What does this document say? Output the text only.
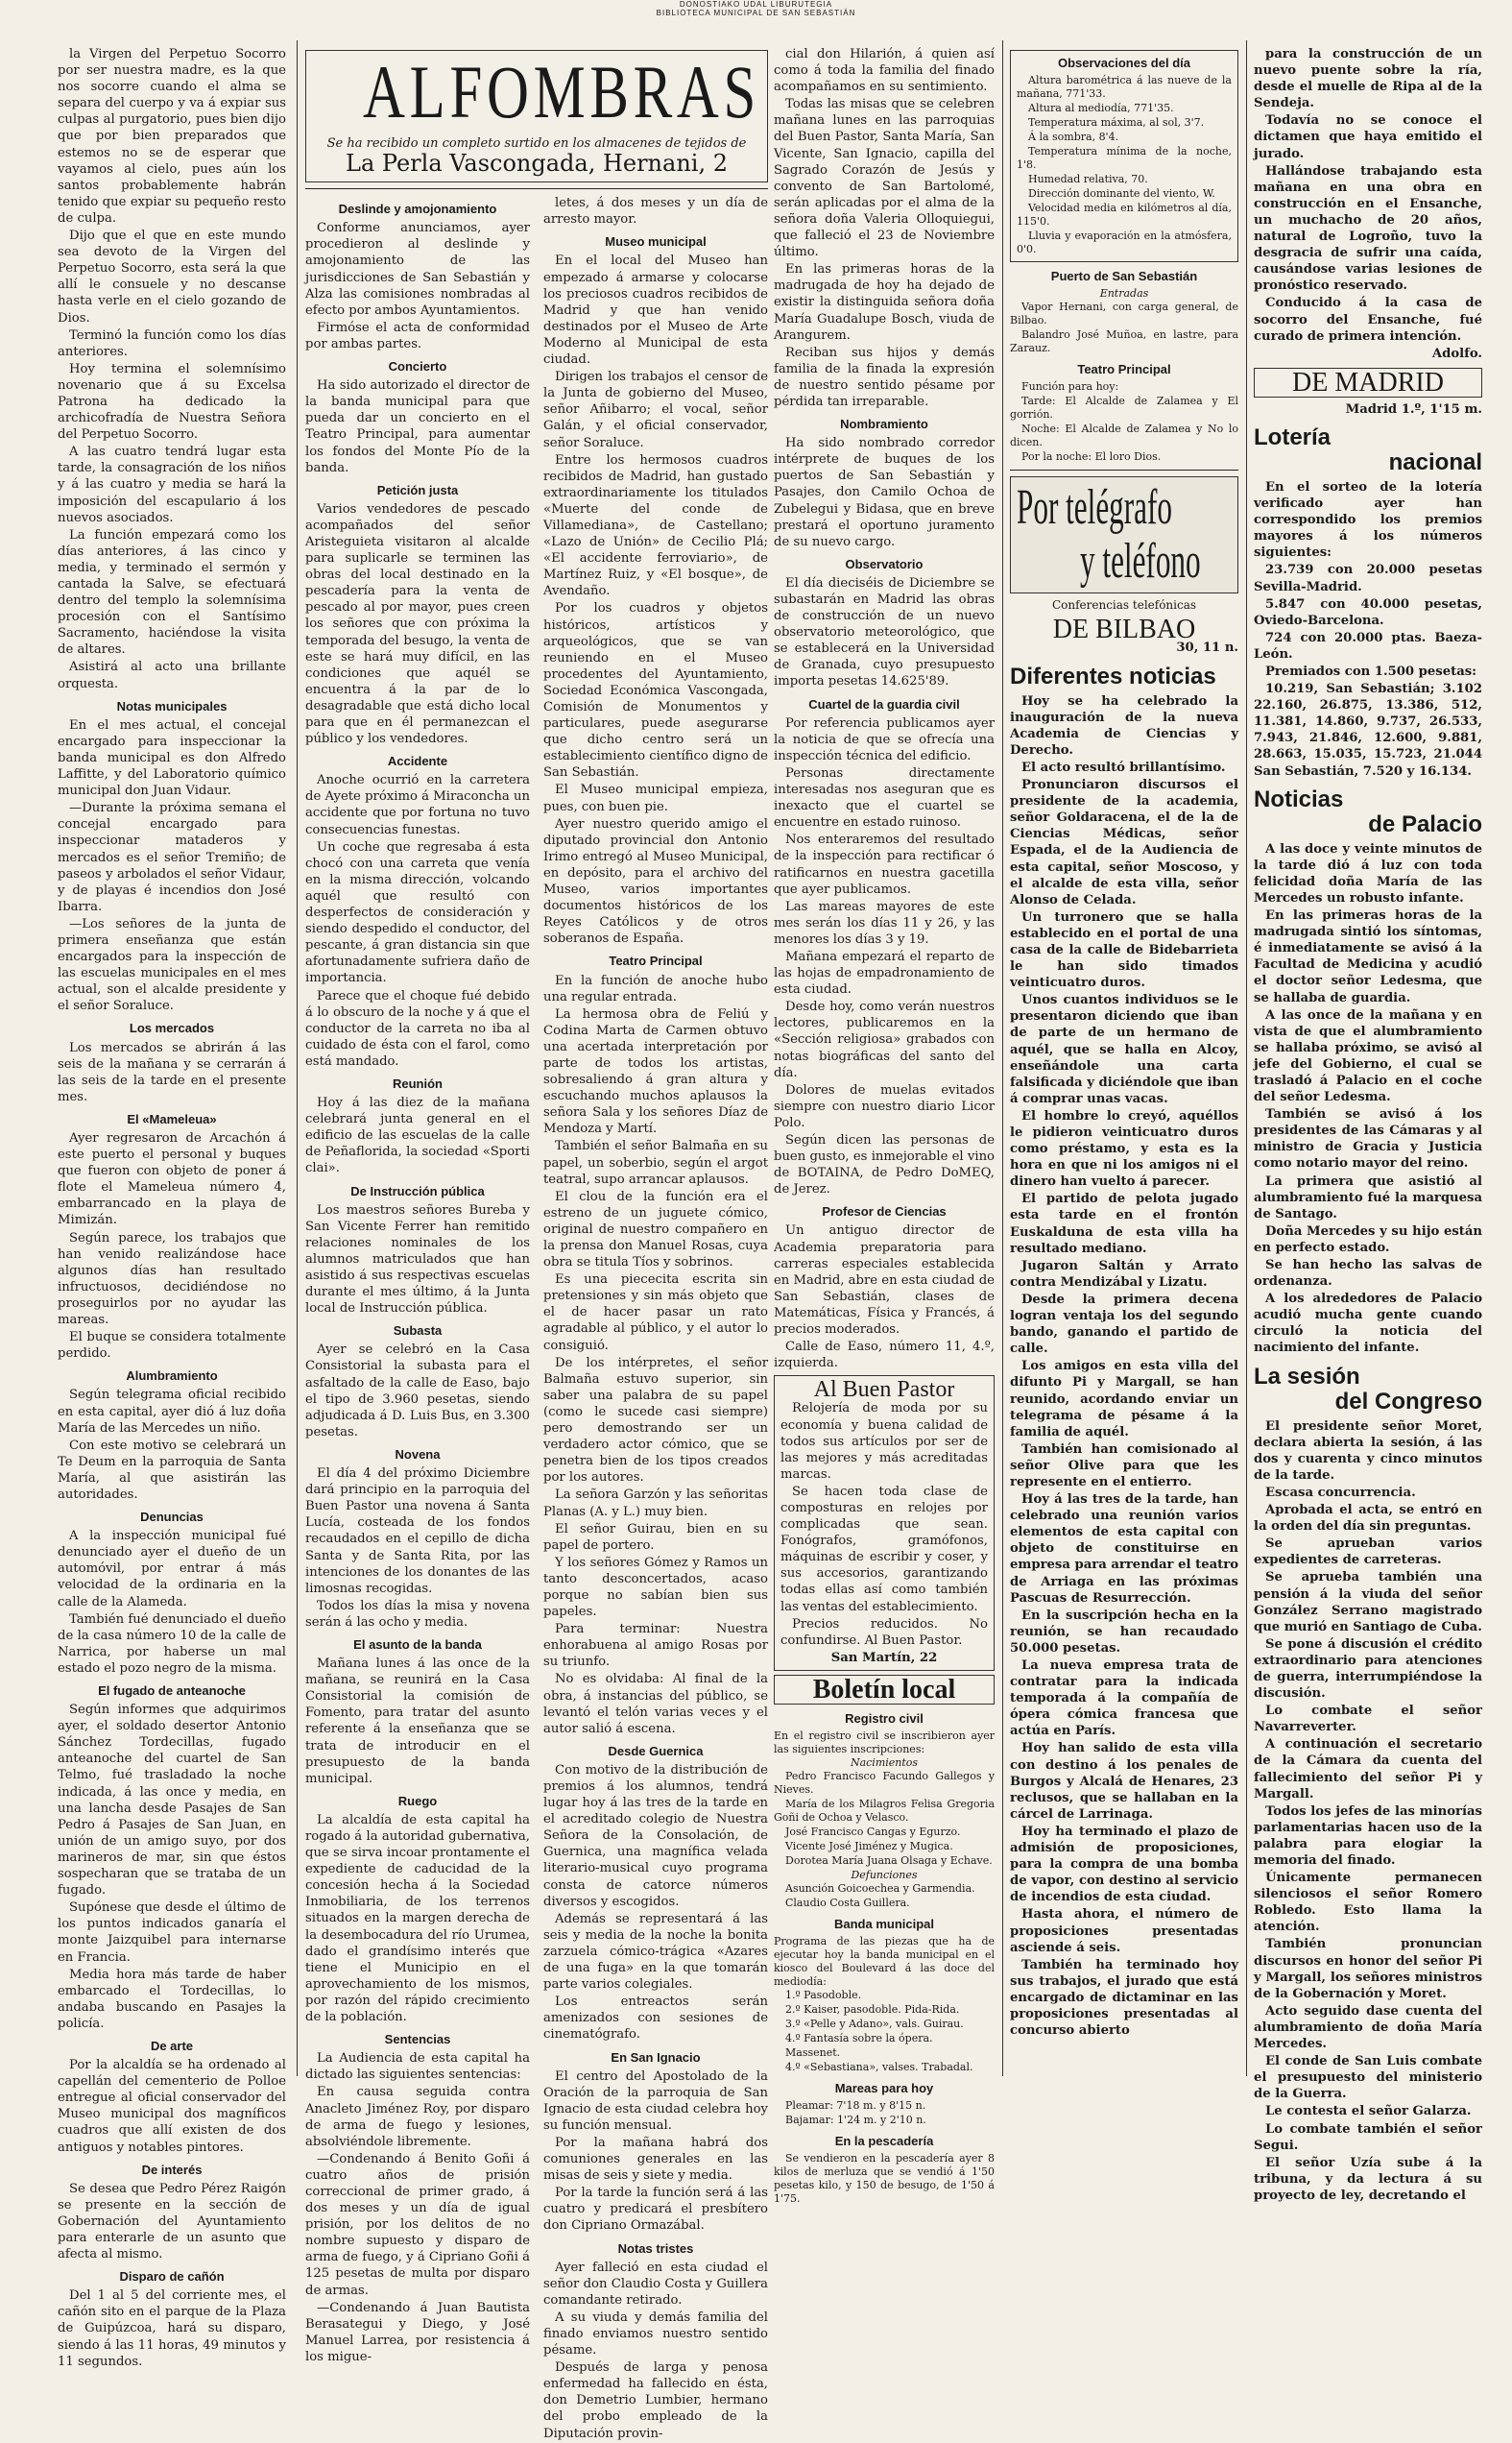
DONOSTIAKO UDAL LIBURUTEGIA
BIBLIOTECA MUNICIPAL DE SAN SEBASTIÁN

la Virgen del Perpetuo Socorro por ser nuestra madre, es la que nos socorre cuando el alma se separa del cuerpo y va á expiar sus culpas al purgatorio, pues bien dijo que por bien preparados que estemos no se de esperar que vayamos al cielo, pues aún los santos probablemente habrán tenido que expiar su pequeño resto de culpa.

Dijo que el que en este mundo sea devoto de la Virgen del Perpetuo Socorro, esta será la que allí le consuele y no descanse hasta verle en el cielo gozando de Dios.

Terminó la función como los días anteriores.

Hoy termina el solemnísimo novenario que á su Excelsa Patrona ha dedicado la archicofradía de Nuestra Señora del Perpetuo Socorro.

A las cuatro tendrá lugar esta tarde, la consagración de los niños y á las cuatro y media se hará la imposición del escapulario á los nuevos asociados.

La función empezará como los días anteriores, á las cinco y media, y terminado el sermón y cantada la Salve, se efectuará dentro del templo la solemnísima procesión con el Santísimo Sacramento, haciéndose la visita de altares.

Asistirá al acto una brillante orquesta.

Notas municipales

En el mes actual, el concejal encargado para inspeccionar la banda municipal es don Alfredo Laffitte, y del Laboratorio químico municipal don Juan Vidaur.

—Durante la próxima semana el concejal encargado para inspeccionar mataderos y mercados es el señor Tremiño; de paseos y arbolados el señor Vidaur, y de playas é incendios don José Ibarra.

—Los señores de la junta de primera enseñanza que están encargados para la inspección de las escuelas municipales en el mes actual, son el alcalde presidente y el señor Soraluce.

Los mercados

Los mercados se abrirán á las seis de la mañana y se cerrarán á las seis de la tarde en el presente mes.

El «Mameleua»

Ayer regresaron de Arcachón á este puerto el personal y buques que fueron con objeto de poner á flote el Mameleua número 4, embarrancado en la playa de Mimizán.

Según parece, los trabajos que han venido realizándose hace algunos días han resultado infructuosos, decidiéndose no proseguirlos por no ayudar las mareas.

El buque se considera totalmente perdido.

Alumbramiento

Según telegrama oficial recibido en esta capital, ayer dió á luz doña María de las Mercedes un niño.

Con este motivo se celebrará un Te Deum en la parroquia de Santa María, al que asistirán las autoridades.

Denuncias

A la inspección municipal fué denunciado ayer el dueño de un automóvil, por entrar á más velocidad de la ordinaria en la calle de la Alameda.

También fué denunciado el dueño de la casa número 10 de la calle de Narrica, por haberse un mal estado el pozo negro de la misma.

El fugado de anteanoche

Según informes que adquirimos ayer, el soldado desertor Antonio Sánchez Tordecillas, fugado anteanoche del cuartel de San Telmo, fué trasladado la noche indicada, á las once y media, en una lancha desde Pasajes de San Pedro á Pasajes de San Juan, en unión de un amigo suyo, por dos marineros de mar, sin que éstos sospecharan que se trataba de un fugado.

Supónese que desde el último de los puntos indicados ganaría el monte Jaizquibel para internarse en Francia.

Media hora más tarde de haber embarcado el Tordecillas, lo andaba buscando en Pasajes la policía.

De arte

Por la alcaldía se ha ordenado al capellán del cementerio de Polloe entregue al oficial conservador del Museo municipal dos magníficos cuadros que allí existen de dos antiguos y notables pintores.

De interés

Se desea que Pedro Pérez Raigón se presente en la sección de Gobernación del Ayuntamiento para enterarle de un asunto que afecta al mismo.

Disparo de cañón

Del 1 al 5 del corriente mes, el cañón sito en el parque de la Plaza de Guipúzcoa, hará su disparo, siendo á las 11 horas, 49 minutos y 11 segundos.

ALFOMBRAS
Se ha recibido un completo surtido en los almacenes de tejidos de
La Perla Vascongada, Hernani, 2
Deslinde y amojonamiento

Conforme anunciamos, ayer procedieron al deslinde y amojonamiento de las jurisdicciones de San Sebastián y Alza las comisiones nombradas al efecto por ambos Ayuntamientos.

Firmóse el acta de conformidad por ambas partes.

Concierto

Ha sido autorizado el director de la banda municipal para que pueda dar un concierto en el Teatro Principal, para aumentar los fondos del Monte Pío de la banda.

Petición justa

Varios vendedores de pescado acompañados del señor Aristeguieta visitaron al alcalde para suplicarle se terminen las obras del local destinado en la pescadería para la venta de pescado al por mayor, pues creen los señores que con próxima la temporada del besugo, la venta de este se hará muy difícil, en las condiciones que aquél se encuentra á la par de lo desagradable que está dicho local para que en él permanezcan el público y los vendedores.

Accidente

Anoche ocurrió en la carretera de Ayete próximo á Miraconcha un accidente que por fortuna no tuvo consecuencias funestas.

Un coche que regresaba á esta chocó con una carreta que venía en la misma dirección, volcando aquél que resultó con desperfectos de consideración y siendo despedido el conductor, del pescante, á gran distancia sin que afortunadamente sufriera daño de importancia.

Parece que el choque fué debido á lo obscuro de la noche y á que el conductor de la carreta no iba al cuidado de ésta con el farol, como está mandado.

Reunión

Hoy á las diez de la mañana celebrará junta general en el edificio de las escuelas de la calle de Peñaflorida, la sociedad «Sporti clai».

De Instrucción pública

Los maestros señores Bureba y San Vicente Ferrer han remitido relaciones nominales de los alumnos matriculados que han asistido á sus respectivas escuelas durante el mes último, á la Junta local de Instrucción pública.

Subasta

Ayer se celebró en la Casa Consistorial la subasta para el asfaltado de la calle de Easo, bajo el tipo de 3.960 pesetas, siendo adjudicada á D. Luis Bus, en 3.300 pesetas.

Novena

El día 4 del próximo Diciembre dará principio en la parroquia del Buen Pastor una novena á Santa Lucía, costeada de los fondos recaudados en el cepillo de dicha Santa y de Santa Rita, por las intenciones de los donantes de las limosnas recogidas.

Todos los días la misa y novena serán á las ocho y media.

El asunto de la banda

Mañana lunes á las once de la mañana, se reunirá en la Casa Consistorial la comisión de Fomento, para tratar del asunto referente á la enseñanza que se trata de introducir en el presupuesto de la banda municipal.

Ruego

La alcaldía de esta capital ha rogado á la autoridad gubernativa, que se sirva incoar prontamente el expediente de caducidad de la concesión hecha á la Sociedad Inmobiliaria, de los terrenos situados en la margen derecha de la desembocadura del río Urumea, dado el grandísimo interés que tiene el Municipio en el aprovechamiento de los mismos, por razón del rápido crecimiento de la población.

Sentencias

La Audiencia de esta capital ha dictado las siguientes sentencias:

En causa seguida contra Anacleto Jiménez Roy, por disparo de arma de fuego y lesiones, absolviéndole libremente.

—Condenando á Benito Goñi á cuatro años de prisión correccional de primer grado, á dos meses y un día de igual prisión, por los delitos de no nombre supuesto y disparo de arma de fuego, y á Cipriano Goñi á 125 pesetas de multa por disparo de armas.

—Condenando á Juan Bautista Berasategui y Diego, y José Manuel Larrea, por resistencia á los migue-

letes, á dos meses y un día de arresto mayor.

Museo municipal

En el local del Museo han empezado á armarse y colocarse los preciosos cuadros recibidos de Madrid y que han venido destinados por el Museo de Arte Moderno al Municipal de esta ciudad.

Dirigen los trabajos el censor de la Junta de gobierno del Museo, señor Añibarro; el vocal, señor Galán, y el oficial conservador, señor Soraluce.

Entre los hermosos cuadros recibidos de Madrid, han gustado extraordinariamente los titulados «Muerte del conde de Villamediana», de Castellano; «Lazo de Unión» de Cecilio Plá; «El accidente ferroviario», de Martínez Ruiz, y «El bosque», de Avendaño.

Por los cuadros y objetos históricos, artísticos y arqueológicos, que se van reuniendo en el Museo procedentes del Ayuntamiento, Sociedad Económica Vascongada, Comisión de Monumentos y particulares, puede asegurarse que dicho centro será un establecimiento científico digno de San Sebastián.

El Museo municipal empieza, pues, con buen pie.

Ayer nuestro querido amigo el diputado provincial don Antonio Irimo entregó al Museo Municipal, en depósito, para el archivo del Museo, varios importantes documentos históricos de los Reyes Católicos y de otros soberanos de España.

Teatro Principal

En la función de anoche hubo una regular entrada.

La hermosa obra de Feliú y Codina Marta de Carmen obtuvo una acertada interpretación por parte de todos los artistas, sobresaliendo á gran altura y escuchando muchos aplausos la señora Sala y los señores Díaz de Mendoza y Martí.

También el señor Balmaña en su papel, un soberbio, según el argot teatral, supo arrancar aplausos.

El clou de la función era el estreno de un juguete cómico, original de nuestro compañero en la prensa don Manuel Rosas, cuya obra se titula Tíos y sobrinos.

Es una piececita escrita sin pretensiones y sin más objeto que el de hacer pasar un rato agradable al público, y el autor lo consiguió.

De los intérpretes, el señor Balmaña estuvo superior, sin saber una palabra de su papel (como le sucede casi siempre) pero demostrando ser un verdadero actor cómico, que se penetra bien de los tipos creados por los autores.

La señora Garzón y las señoritas Planas (A. y L.) muy bien.

El señor Guirau, bien en su papel de portero.

Y los señores Gómez y Ramos un tanto desconcertados, acaso porque no sabían bien sus papeles.

Para terminar: Nuestra enhorabuena al amigo Rosas por su triunfo.

No es olvidaba: Al final de la obra, á instancias del público, se levantó el telón varias veces y el autor salió á escena.

Desde Guernica

Con motivo de la distribución de premios á los alumnos, tendrá lugar hoy á las tres de la tarde en el acreditado colegio de Nuestra Señora de la Consolación, de Guernica, una magnífica velada literario-musical cuyo programa consta de catorce números diversos y escogidos.

Además se representará á las seis y media de la noche la bonita zarzuela cómico-trágica «Azares de una fuga» en la que tomarán parte varios colegiales.

Los entreactos serán amenizados con sesiones de cinematógrafo.

En San Ignacio

El centro del Apostolado de la Oración de la parroquia de San Ignacio de esta ciudad celebra hoy su función mensual.

Por la mañana habrá dos comuniones generales en las misas de seis y siete y media.

Por la tarde la función será á las cuatro y predicará el presbítero don Cipriano Ormazábal.

Notas tristes

Ayer falleció en esta ciudad el señor don Claudio Costa y Guillera comandante retirado.

A su viuda y demás familia del finado enviamos nuestro sentido pésame.

Después de larga y penosa enfermedad ha fallecido en ésta, don Demetrio Lumbier, hermano del probo empleado de la Diputación provin-

cial don Hilarión, á quien así como á toda la familia del finado acompañamos en su sentimiento.

Todas las misas que se celebren mañana lunes en las parroquias del Buen Pastor, Santa María, San Vicente, San Ignacio, capilla del Sagrado Corazón de Jesús y convento de San Bartolomé, serán aplicadas por el alma de la señora doña Valeria Olloquiegui, que falleció el 23 de Noviembre último.

En las primeras horas de la madrugada de hoy ha dejado de existir la distinguida señora doña María Guadalupe Bosch, viuda de Arangurem.

Reciban sus hijos y demás familia de la finada la expresión de nuestro sentido pésame por pérdida tan irreparable.

Nombramiento

Ha sido nombrado corredor intérprete de buques de los puertos de San Sebastián y Pasajes, don Camilo Ochoa de Zubelegui y Bidasa, que en breve prestará el oportuno juramento de su nuevo cargo.

Observatorio

El día dieciséis de Diciembre se subastarán en Madrid las obras de construcción de un nuevo observatorio meteorológico, que se establecerá en la Universidad de Granada, cuyo presupuesto importa pesetas 14.625'89.

Cuartel de la guardia civil

Por referencia publicamos ayer la noticia de que se ofrecía una inspección técnica del edificio.

Personas directamente interesadas nos aseguran que es inexacto que el cuartel se encuentre en estado ruinoso.

Nos enteraremos del resultado de la inspección para rectificar ó ratificarnos en nuestra gacetilla que ayer publicamos.

Las mareas mayores de este mes serán los días 11 y 26, y las menores los días 3 y 19.

Mañana empezará el reparto de las hojas de empadronamiento de esta ciudad.

Desde hoy, como verán nuestros lectores, publicaremos en la «Sección religiosa» grabados con notas biográficas del santo del día.

Dolores de muelas evitados siempre con nuestro diario Licor Polo.

Según dicen las personas de buen gusto, es inmejorable el vino de BOTAINA, de Pedro DoMEQ, de Jerez.

Profesor de Ciencias

Un antiguo director de Academia preparatoria para carreras especiales establecida en Madrid, abre en esta ciudad de San Sebastián, clases de Matemáticas, Física y Francés, á precios moderados.

Calle de Easo, número 11, 4.º, izquierda.

Al Buen Pastor

Relojería de moda por su economía y buena calidad de todos sus artículos por ser de las mejores y más acreditadas marcas.

Se hacen toda clase de composturas en relojes por complicadas que sean. Fonógrafos, gramófonos, máquinas de escribir y coser, y sus accesorios, garantizando todas ellas así como también las ventas del establecimiento.

Precios reducidos. No confundirse. Al Buen Pastor.

San Martín, 22
Boletín local
Registro civil
En el registro civil se inscribieron ayer las siguientes inscripciones:
Nacimientos

Pedro Francisco Facundo Gallegos y Nieves.

María de los Milagros Felisa Gregoria Goñi de Ochoa y Velasco.

José Francisco Cangas y Egurzo.

Vicente José Jiménez y Mugica.

Dorotea María Juana Olsaga y Echave.

Defunciones

Asunción Goicoechea y Garmendia.

Claudio Costa Guillera.

Banda municipal
Programa de las piezas que ha de ejecutar hoy la banda municipal en el kiosco del Boulevard á las doce del mediodía:

1.º Pasodoble.

2.º Kaiser, pasodoble. Pida-Rida.

3.º «Pelle y Adano», vals. Guirau.

4.º Fantasía sobre la ópera.

Massenet.

4.º «Sebastiana», valses. Trabadal.

Mareas para hoy

Pleamar: 7'18 m. y 8'15 n.

Bajamar: 1'24 m. y 2'10 n.

En la pescadería

Se vendieron en la pescadería ayer 8 kilos de merluza que se vendió á 1'50 pesetas kilo, y 150 de besugo, de 1'50 á 1'75.

Observaciones del día

Altura barométrica á las nueve de la mañana, 771'33.

Altura al mediodía, 771'35.

Temperatura máxima, al sol, 3'7.

Á la sombra, 8'4.

Temperatura mínima de la noche, 1'8.

Humedad relativa, 70.

Dirección dominante del viento, W.

Velocidad media en kilómetros al día, 115'0.

Lluvia y evaporación en la atmósfera, 0'0.

Puerto de San Sebastián
Entradas

Vapor Hernani, con carga general, de Bilbao.

Balandro José Muñoa, en lastre, para Zarauz.

Teatro Principal

Función para hoy:

Tarde: El Alcalde de Zalamea y El gorrión.

Noche: El Alcalde de Zalamea y No lo dicen.

Por la noche: El loro Dios.

Por telégrafo
y teléfono
Conferencias telefónicas
DE BILBAO
30, 11 n.
Diferentes noticias

Hoy se ha celebrado la inauguración de la nueva Academia de Ciencias y Derecho.

El acto resultó brillantísimo.

Pronunciaron discursos el presidente de la academia, señor Goldaracena, el de la de Ciencias Médicas, señor Espada, el de la Audiencia de esta capital, señor Moscoso, y el alcalde de esta villa, señor Alonso de Celada.

Un turronero que se halla establecido en el portal de una casa de la calle de Bidebarrieta le han sido timados veinticuatro duros.

Unos cuantos individuos se le presentaron diciendo que iban de parte de un hermano de aquél, que se halla en Alcoy, enseñándole una carta falsificada y diciéndole que iban á comprar unas vacas.

El hombre lo creyó, aquéllos le pidieron veinticuatro duros como préstamo, y esta es la hora en que ni los amigos ni el dinero han vuelto á parecer.

El partido de pelota jugado esta tarde en el frontón Euskalduna de esta villa ha resultado mediano.

Jugaron Saltán y Arrato contra Mendizábal y Lizatu.

Desde la primera decena logran ventaja los del segundo bando, ganando el partido de calle.

Los amigos en esta villa del difunto Pi y Margall, se han reunido, acordando enviar un telegrama de pésame á la familia de aquél.

También han comisionado al señor Olive para que les represente en el entierro.

Hoy á las tres de la tarde, han celebrado una reunión varios elementos de esta capital con objeto de constituirse en empresa para arrendar el teatro de Arriaga en las próximas Pascuas de Resurrección.

En la suscripción hecha en la reunión, se han recaudado 50.000 pesetas.

La nueva empresa trata de contratar para la indicada temporada á la compañía de ópera cómica francesa que actúa en París.

Hoy han salido de esta villa con destino á los penales de Burgos y Alcalá de Henares, 23 reclusos, que se hallaban en la cárcel de Larrinaga.

Hoy ha terminado el plazo de admisión de proposiciones, para la compra de una bomba de vapor, con destino al servicio de incendios de esta ciudad.

Hasta ahora, el número de proposiciones presentadas asciende á seis.

También ha terminado hoy sus trabajos, el jurado que está encargado de dictaminar en las proposiciones presentadas al concurso abierto

para la construcción de un nuevo puente sobre la ría, desde el muelle de Ripa al de la Sendeja.

Todavía no se conoce el dictamen que haya emitido el jurado.

Hallándose trabajando esta mañana en una obra en construcción en el Ensanche, un muchacho de 20 años, natural de Logroño, tuvo la desgracia de sufrir una caída, causándose varias lesiones de pronóstico reservado.

Conducido á la casa de socorro del Ensanche, fué curado de primera intención.

Adolfo.
DE MADRID
Madrid 1.º, 1'15 m.
Lotería
nacional

En el sorteo de la lotería verificado ayer han correspondido los premios mayores á los números siguientes:

23.739 con 20.000 pesetas Sevilla-Madrid.

5.847 con 40.000 pesetas, Oviedo-Barcelona.

724 con 20.000 ptas. Baeza-León.

Premiados con 1.500 pesetas:

10.219, San Sebastián; 3.102 22.160, 26.875, 13.386, 512, 11.381, 14.860, 9.737, 26.533, 7.943, 21.846, 12.600, 9.881, 28.663, 15.035, 15.723, 21.044 San Sebastián, 7.520 y 16.134.

Noticias
de Palacio

A las doce y veinte minutos de la tarde dió á luz con toda felicidad doña María de las Mercedes un robusto infante.

En las primeras horas de la madrugada sintió los síntomas, é inmediatamente se avisó á la Facultad de Medicina y acudió el doctor señor Ledesma, que se hallaba de guardia.

A las once de la mañana y en vista de que el alumbramiento se hallaba próximo, se avisó al jefe del Gobierno, el cual se trasladó á Palacio en el coche del señor Ledesma.

También se avisó á los presidentes de las Cámaras y al ministro de Gracia y Justicia como notario mayor del reino.

La primera que asistió al alumbramiento fué la marquesa de Santago.

Doña Mercedes y su hijo están en perfecto estado.

Se han hecho las salvas de ordenanza.

A los alrededores de Palacio acudió mucha gente cuando circuló la noticia del nacimiento del infante.

La sesión
del Congreso

El presidente señor Moret, declara abierta la sesión, á las dos y cuarenta y cinco minutos de la tarde.

Escasa concurrencia.

Aprobada el acta, se entró en la orden del día sin preguntas.

Se aprueban varios expedientes de carreteras.

Se aprueba también una pensión á la viuda del señor González Serrano magistrado que murió en Santiago de Cuba.

Se pone á discusión el crédito extraordinario para atenciones de guerra, interrumpiéndose la discusión.

Lo combate el señor Navarreverter.

A continuación el secretario de la Cámara da cuenta del fallecimiento del señor Pi y Margall.

Todos los jefes de las minorías parlamentarias hacen uso de la palabra para elogiar la memoria del finado.

Únicamente permanecen silenciosos el señor Romero Robledo. Esto llama la atención.

También pronuncian discursos en honor del señor Pi y Margall, los señores ministros de la Gobernación y Moret.

Acto seguido dase cuenta del alumbramiento de doña María Mercedes.

El conde de San Luis combate el presupuesto del ministerio de la Guerra.

Le contesta el señor Galarza.

Lo combate también el señor Segui.

El señor Uzía sube á la tribuna, y da lectura á su proyecto de ley, decretando el
